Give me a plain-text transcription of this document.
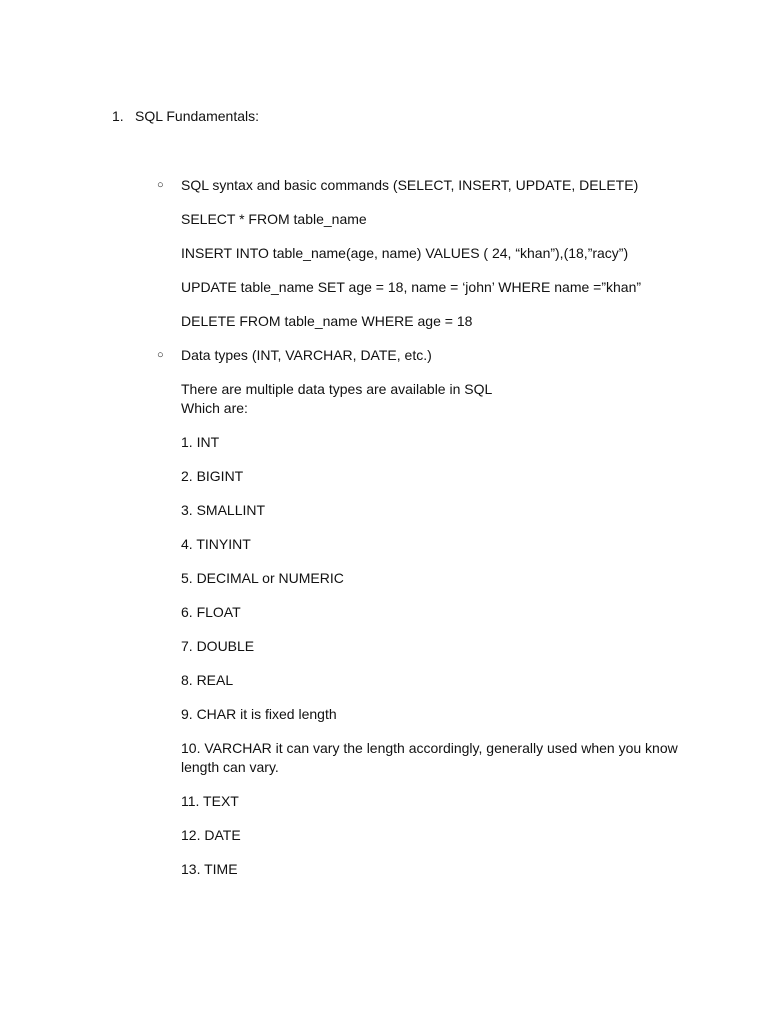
1. SQL Fundamentals:
○ SQL syntax and basic commands (SELECT, INSERT, UPDATE, DELETE)

SELECT * FROM table_name

INSERT INTO table_name(age, name) VALUES ( 24, “khan”),(18,”racy”)

UPDATE table_name SET age = 18, name = ‘john’ WHERE name =”khan”

DELETE FROM table_name WHERE age = 18

○ Data types (INT, VARCHAR, DATE, etc.)

There are multiple data types are available in SQL
Which are:

1. INT
2. BIGINT
3. SMALLINT
4. TINYINT
5. DECIMAL or NUMERIC
6. FLOAT
7. DOUBLE
8. REAL
9. CHAR it is fixed length
10. VARCHAR it can vary the length accordingly, generally used when you know length can vary.
11. TEXT
12. DATE
13. TIME
